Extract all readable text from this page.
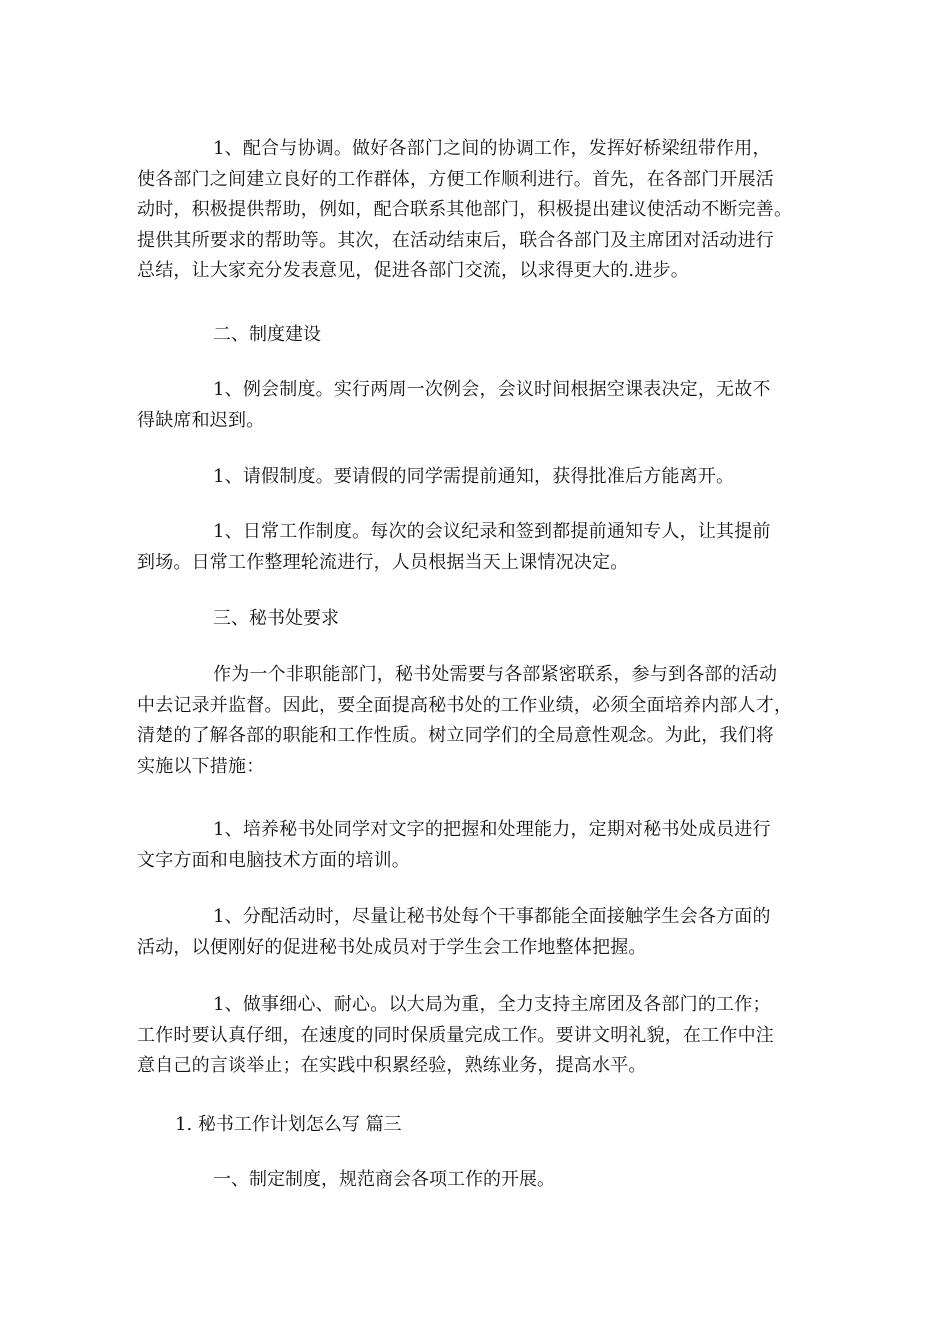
1、配合与协调。做好各部门之间的协调工作，发挥好桥梁纽带作用，
使各部门之间建立良好的工作群体，方便工作顺利进行。首先，在各部门开展活
动时，积极提供帮助，例如，配合联系其他部门，积极提出建议使活动不断完善。
提供其所要求的帮助等。其次，在活动结束后，联合各部门及主席团对活动进行
总结，让大家充分发表意见，促进各部门交流，以求得更大的.进步。
二、制度建设
1、例会制度。实行两周一次例会，会议时间根据空课表决定，无故不
得缺席和迟到。
1、请假制度。要请假的同学需提前通知，获得批准后方能离开。
1、日常工作制度。每次的会议纪录和签到都提前通知专人，让其提前
到场。日常工作整理轮流进行，人员根据当天上课情况决定。
三、秘书处要求
作为一个非职能部门，秘书处需要与各部紧密联系，参与到各部的活动
中去记录并监督。因此，要全面提高秘书处的工作业绩，必须全面培养内部人才，
清楚的了解各部的职能和工作性质。树立同学们的全局意性观念。为此，我们将
实施以下措施：
1、培养秘书处同学对文字的把握和处理能力，定期对秘书处成员进行
文字方面和电脑技术方面的培训。
1、分配活动时，尽量让秘书处每个干事都能全面接触学生会各方面的
活动，以便刚好的促进秘书处成员对于学生会工作地整体把握。
1、做事细心、耐心。以大局为重，全力支持主席团及各部门的工作；
工作时要认真仔细，在速度的同时保质量完成工作。要讲文明礼貌，在工作中注
意自己的言谈举止；在实践中积累经验，熟练业务，提高水平。
1. 秘书工作计划怎么写 篇三
一、制定制度，规范商会各项工作的开展。
